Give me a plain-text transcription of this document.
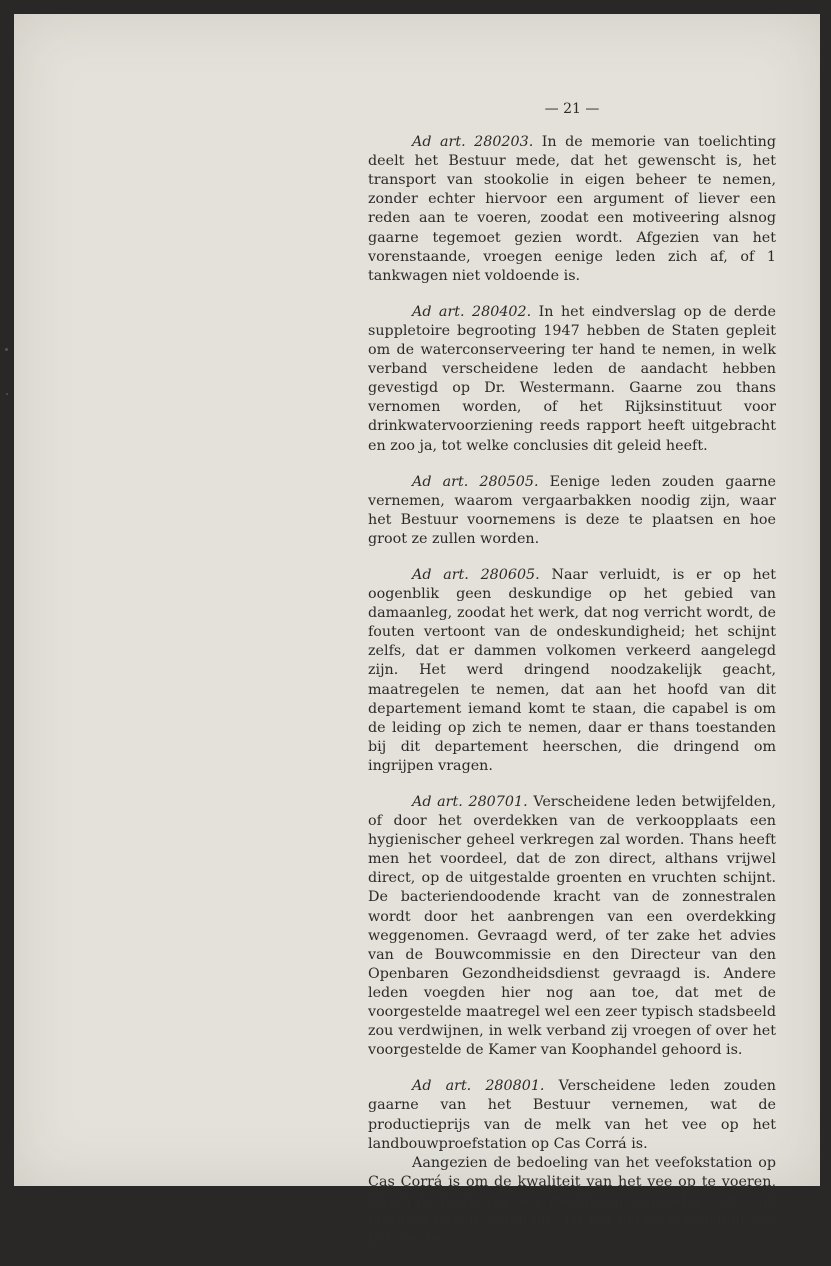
— 21 —

Ad art. 280203. In de memorie van toelichting deelt het Bestuur mede, dat het gewenscht is, het transport van stookolie in eigen beheer te nemen, zonder echter hiervoor een argument of liever een reden aan te voeren, zoodat een motiveering alsnog gaarne tegemoet gezien wordt. Afgezien van het vorenstaande, vroegen eenige leden zich af, of 1 tankwagen niet voldoende is.

Ad art. 280402. In het eindverslag op de derde suppletoire begrooting 1947 hebben de Staten gepleit om de waterconserveering ter hand te nemen, in welk verband verscheidene leden de aandacht hebben gevestigd op Dr. Westermann. Gaarne zou thans vernomen worden, of het Rijksinstituut voor drinkwatervoorziening reeds rapport heeft uitgebracht en zoo ja, tot welke conclusies dit geleid heeft.

Ad art. 280505. Eenige leden zouden gaarne vernemen, waarom vergaarbakken noodig zijn, waar het Bestuur voornemens is deze te plaatsen en hoe groot ze zullen worden.

Ad art. 280605. Naar verluidt, is er op het oogenblik geen deskundige op het gebied van damaanleg, zoodat het werk, dat nog verricht wordt, de fouten vertoont van de ondeskundigheid; het schijnt zelfs, dat er dammen volkomen verkeerd aangelegd zijn. Het werd dringend noodzakelijk geacht, maatregelen te nemen, dat aan het hoofd van dit departement iemand komt te staan, die capabel is om de leiding op zich te nemen, daar er thans toestanden bij dit departement heerschen, die dringend om ingrijpen vragen.

Ad art. 280701. Verscheidene leden betwijfelden, of door het overdekken van de verkoopplaats een hygienischer geheel verkregen zal worden. Thans heeft men het voordeel, dat de zon direct, althans vrijwel direct, op de uitgestalde groenten en vruchten schijnt. De bacteriendoodende kracht van de zonnestralen wordt door het aanbrengen van een overdekking weggenomen. Gevraagd werd, of ter zake het advies van de Bouwcommissie en den Directeur van den Openbaren Gezondheidsdienst gevraagd is. Andere leden voegden hier nog aan toe, dat met de voorgestelde maatregel wel een zeer typisch stadsbeeld zou verdwijnen, in welk verband zij vroegen of over het voorgestelde de Kamer van Koophandel gehoord is.

Ad art. 280801. Verscheidene leden zouden gaarne van het Bestuur vernemen, wat de productieprijs van de melk van het vee op het landbouwproefstation op Cas Corrá is.

Aangezien de bedoeling van het veefokstation op Cas Corrá is om de kwaliteit van het vee op te voeren, kwam de bouw van een melkhuisje onnoodig voor. Ook merkten enkele leden op, dat het om de veredeling van het vee te
